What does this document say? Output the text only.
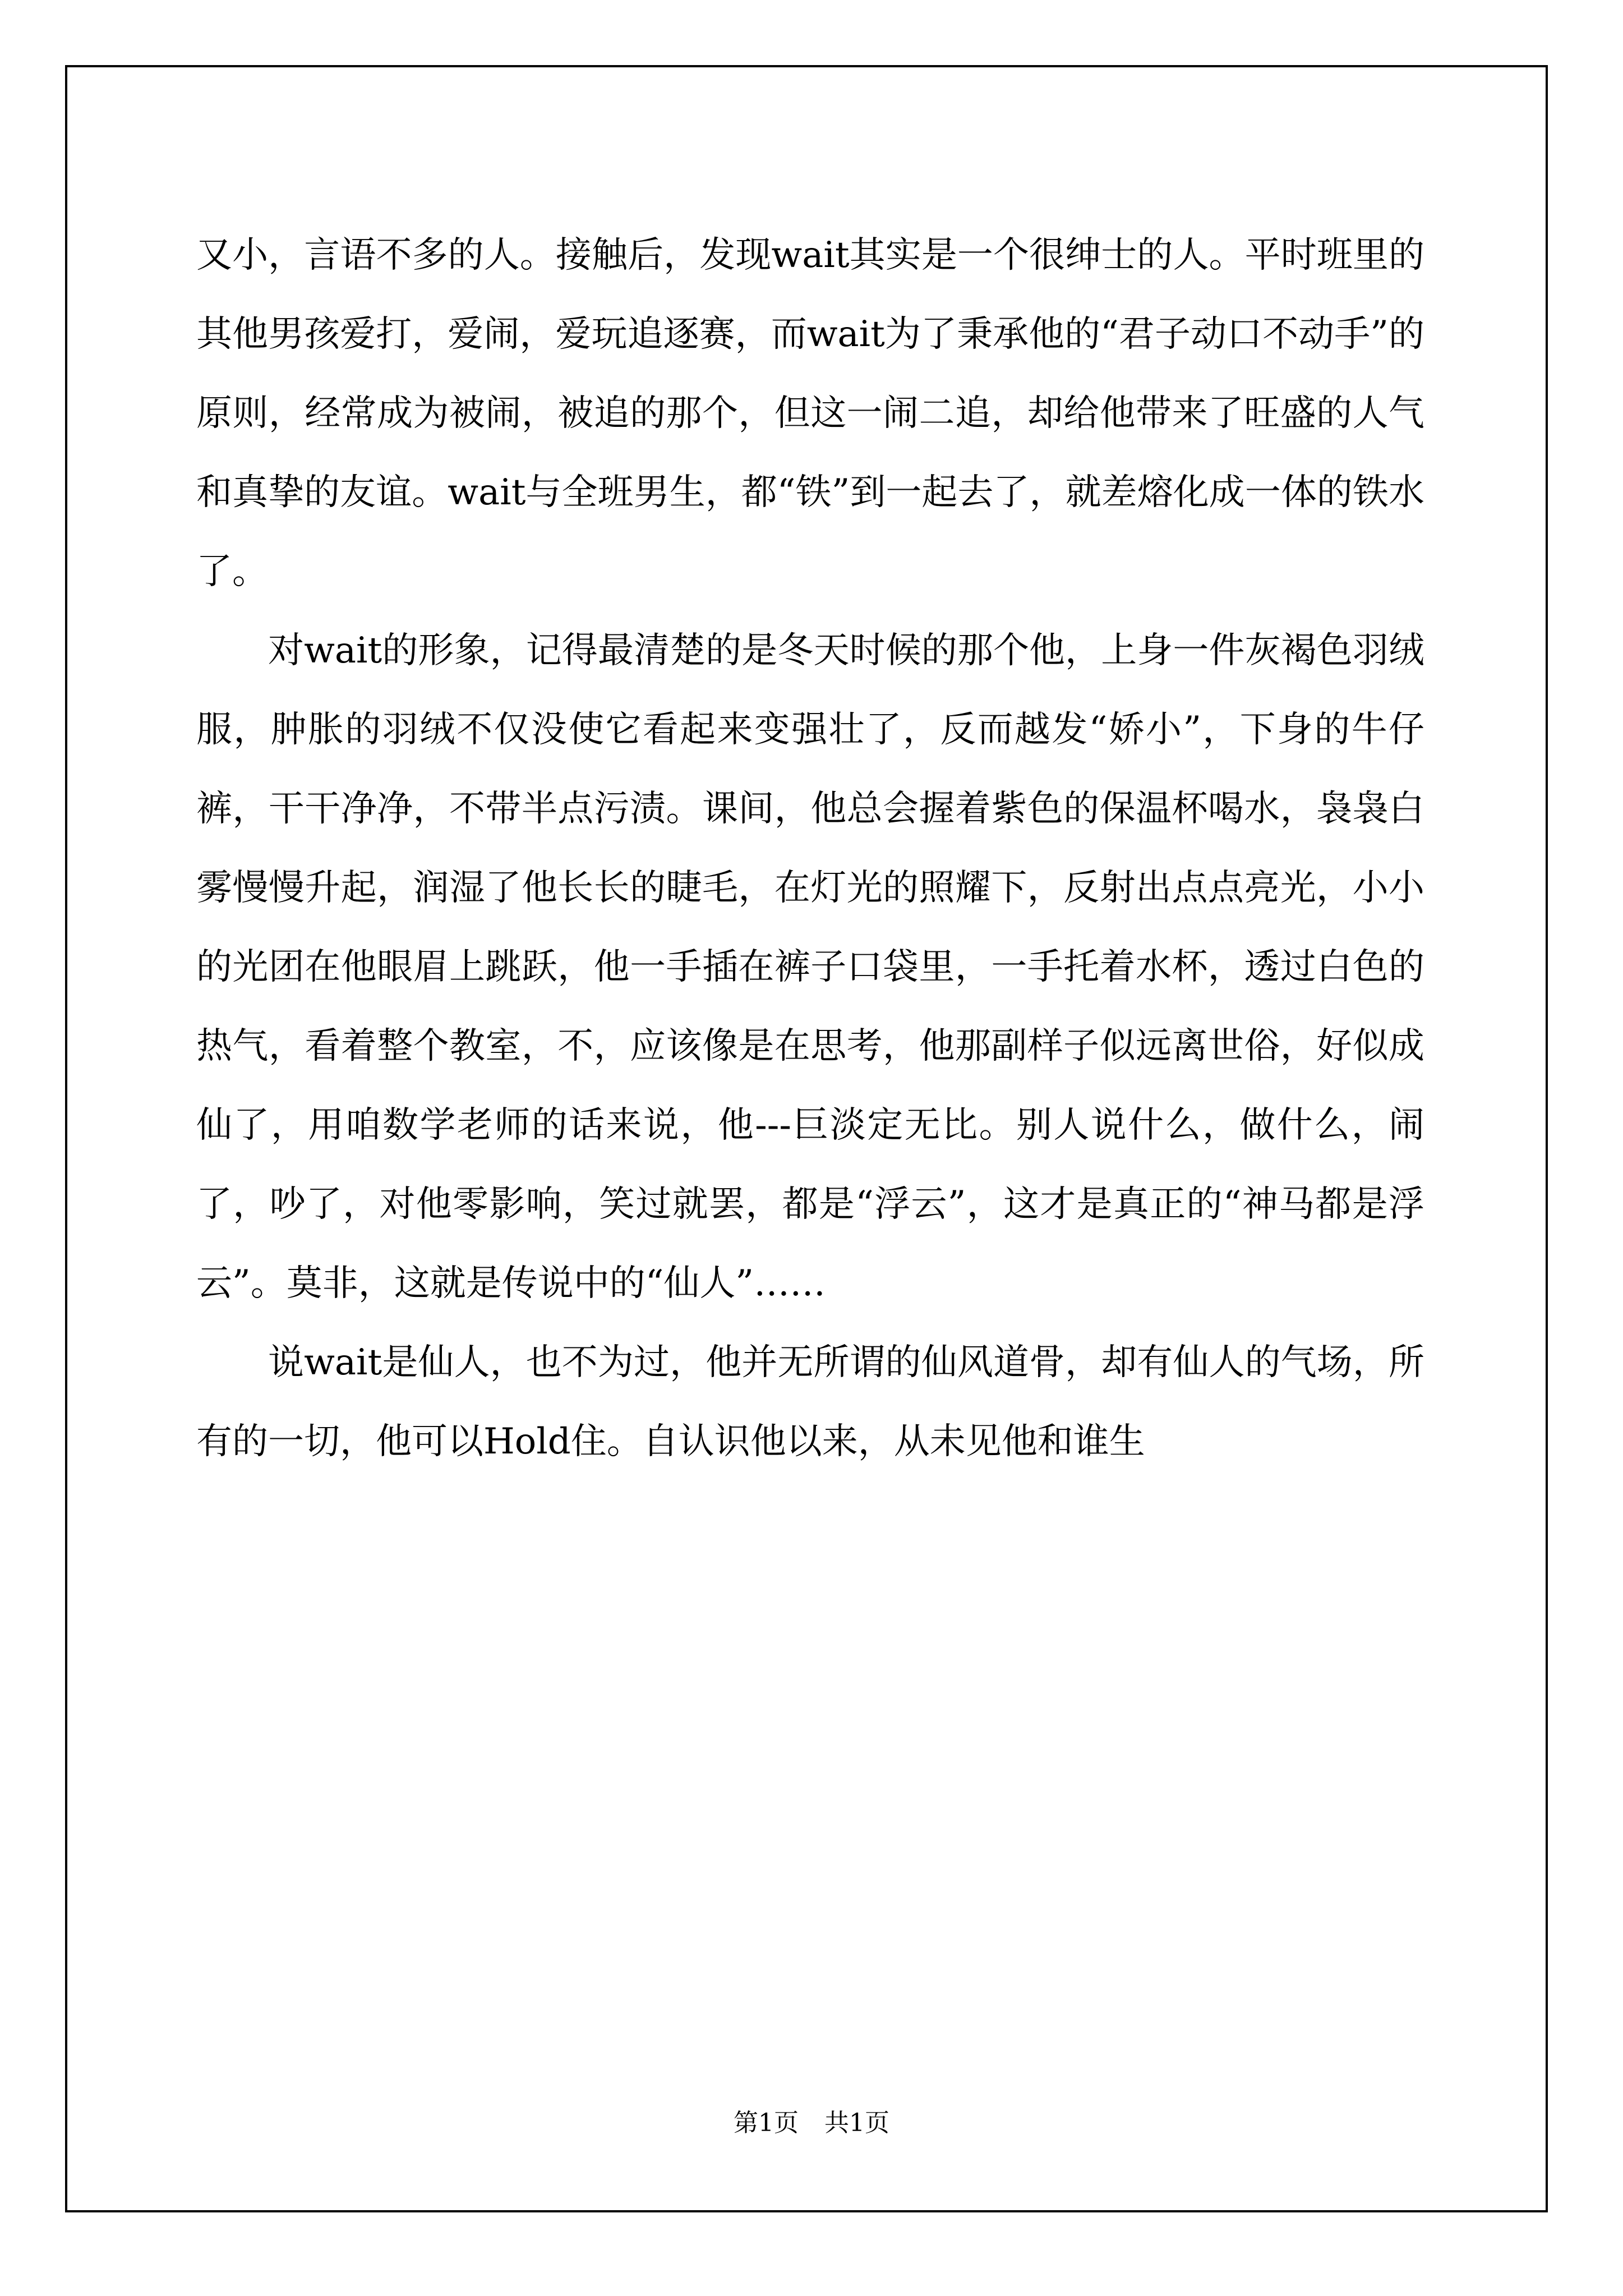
又小，言语不多的人。接触后，发现wait其实是一个很绅士的人。平时班里的其他男孩爱打，爱闹，爱玩追逐赛，而wait为了秉承他的“君子动口不动手”的原则，经常成为被闹，被追的那个，但这一闹二追，却给他带来了旺盛的人气和真挚的友谊。wait与全班男生，都“铁”到一起去了，就差熔化成一体的铁水了。

对wait的形象，记得最清楚的是冬天时候的那个他，上身一件灰褐色羽绒服，肿胀的羽绒不仅没使它看起来变强壮了，反而越发“娇小”，下身的牛仔裤，干干净净，不带半点污渍。课间，他总会握着紫色的保温杯喝水，袅袅白雾慢慢升起，润湿了他长长的睫毛，在灯光的照耀下，反射出点点亮光，小小的光团在他眼眉上跳跃，他一手插在裤子口袋里，一手托着水杯，透过白色的热气，看着整个教室，不，应该像是在思考，他那副样子似远离世俗，好似成仙了，用咱数学老师的话来说，他---巨淡定无比。别人说什么，做什么，闹了，吵了，对他零影响，笑过就罢，都是“浮云”，这才是真正的“神马都是浮云”。莫非，这就是传说中的“仙人”……

说wait是仙人，也不为过，他并无所谓的仙风道骨，却有仙人的气场，所有的一切，他可以Hold住。自认识他以来，从未见他和谁生

第1页 共1页
